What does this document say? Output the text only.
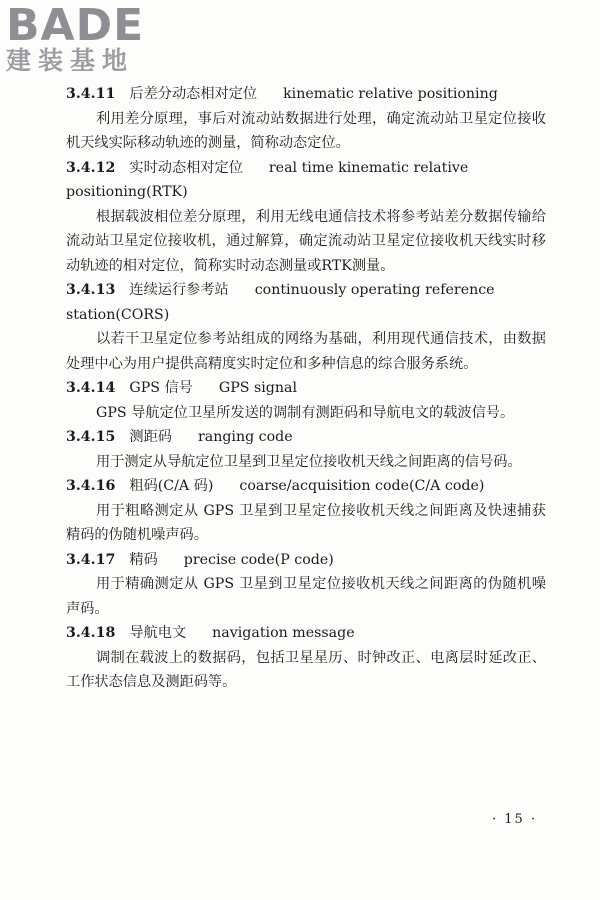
BADE
建装基地
3.4.11 后差分动态相对定位 kinematic relative positioning

利用差分原理，事后对流动站数据进行处理，确定流动站卫星定位接收机天线实际移动轨迹的测量，简称动态定位。

3.4.12 实时动态相对定位 real time kinematic relative positioning(RTK)

根据载波相位差分原理，利用无线电通信技术将参考站差分数据传输给流动站卫星定位接收机，通过解算，确定流动站卫星定位接收机天线实时移动轨迹的相对定位，简称实时动态测量或RTK测量。

3.4.13 连续运行参考站 continuously operating reference station(CORS)

以若干卫星定位参考站组成的网络为基础，利用现代通信技术，由数据处理中心为用户提供高精度实时定位和多种信息的综合服务系统。

3.4.14 GPS 信号 GPS signal

GPS 导航定位卫星所发送的调制有测距码和导航电文的载波信号。

3.4.15 测距码 ranging code

用于测定从导航定位卫星到卫星定位接收机天线之间距离的信号码。

3.4.16 粗码(C/A 码) coarse/acquisition code(C/A code)

用于粗略测定从 GPS 卫星到卫星定位接收机天线之间距离及快速捕获精码的伪随机噪声码。

3.4.17 精码 precise code(P code)

用于精确测定从 GPS 卫星到卫星定位接收机天线之间距离的伪随机噪声码。

3.4.18 导航电文 navigation message

调制在载波上的数据码，包括卫星星历、时钟改正、电离层时延改正、工作状态信息及测距码等。

· 15 ·
